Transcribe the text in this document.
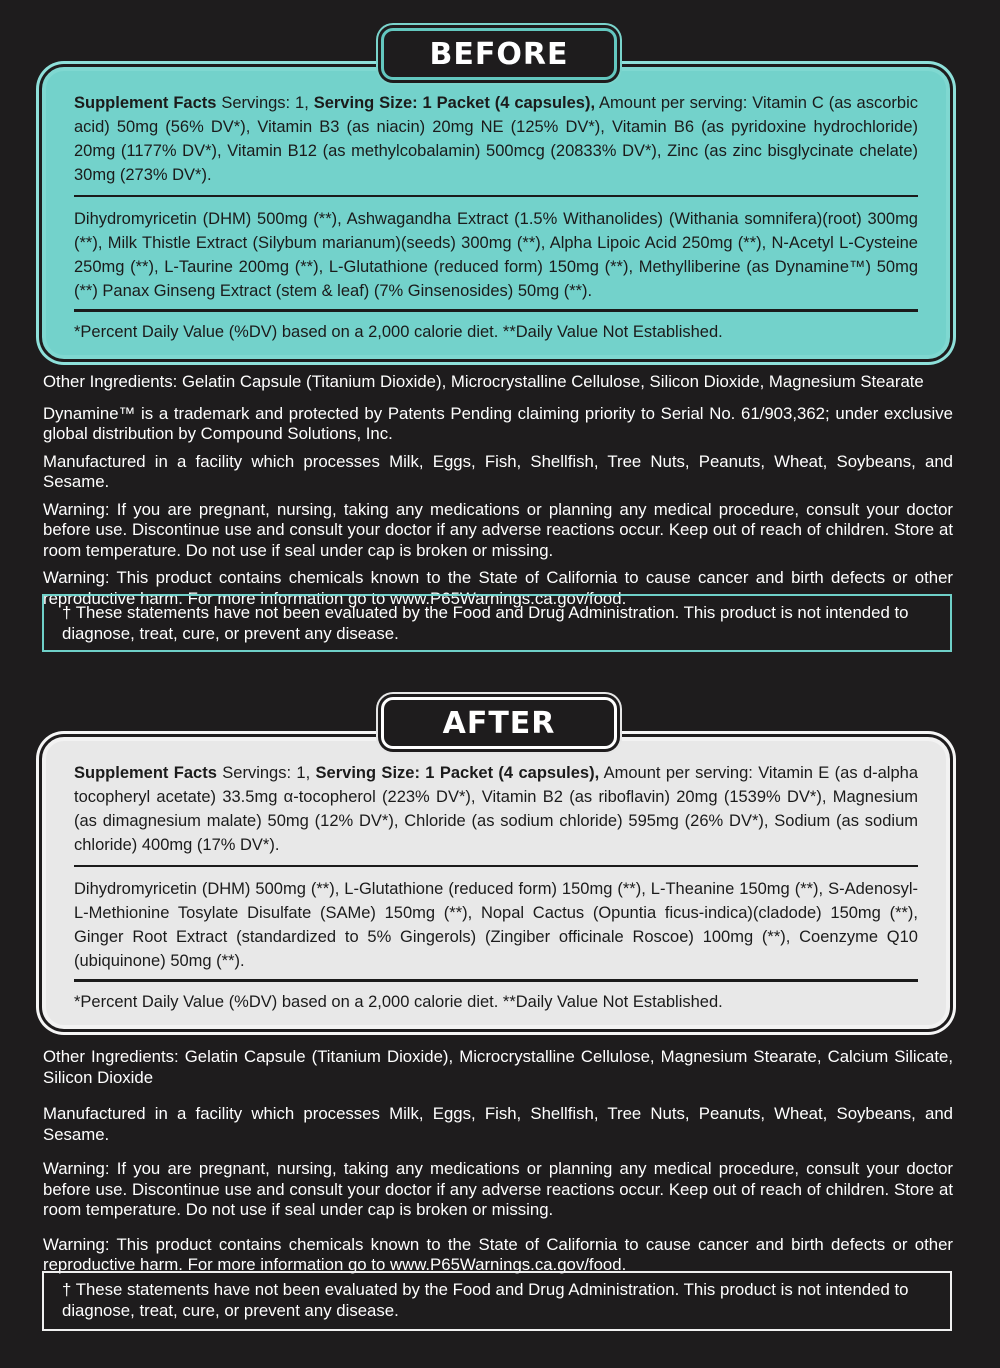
BEFORE
Supplement Facts Servings: 1, Serving Size: 1 Packet (4 capsules), Amount per serving: Vitamin C (as ascorbic acid) 50mg (56% DV*), Vitamin B3 (as niacin) 20mg NE (125% DV*), Vitamin B6 (as pyridoxine hydrochloride) 20mg (1177% DV*), Vitamin B12 (as methylcobalamin) 500mcg (20833% DV*), Zinc (as zinc bisglycinate chelate) 30mg (273% DV*).
Dihydromyricetin (DHM) 500mg (**), Ashwagandha Extract (1.5% Withanolides) (Withania somnifera)(root) 300mg (**), Milk Thistle Extract (Silybum marianum)(seeds) 300mg (**), Alpha Lipoic Acid 250mg (**), N-Acetyl L-Cysteine 250mg (**), L-Taurine 200mg (**), L-Glutathione (reduced form) 150mg (**), Methylliberine (as Dynamine™) 50mg (**) Panax Ginseng Extract (stem & leaf) (7% Ginsenosides) 50mg (**).
*Percent Daily Value (%DV) based on a 2,000 calorie diet. **Daily Value Not Established.

Other Ingredients: Gelatin Capsule (Titanium Dioxide), Microcrystalline Cellulose, Silicon Dioxide, Magnesium Stearate

Dynamine™ is a trademark and protected by Patents Pending claiming priority to Serial No. 61/903,362; under exclusive global distribution by Compound Solutions, Inc.

Manufactured in a facility which processes Milk, Eggs, Fish, Shellfish, Tree Nuts, Peanuts, Wheat, Soybeans, and Sesame.

Warning: If you are pregnant, nursing, taking any medications or planning any medical procedure, consult your doctor before use. Discontinue use and consult your doctor if any adverse reactions occur. Keep out of reach of children. Store at room temperature. Do not use if seal under cap is broken or missing.

Warning: This product contains chemicals known to the State of California to cause cancer and birth defects or other reproductive harm. For more information go to www.P65Warnings.ca.gov/food.

† These statements have not been evaluated by the Food and Drug Administration. This product is not intended to diagnose, treat, cure, or prevent any disease.
AFTER
Supplement Facts Servings: 1, Serving Size: 1 Packet (4 capsules), Amount per serving: Vitamin E (as d-alpha tocopheryl acetate) 33.5mg α-tocopherol (223% DV*), Vitamin B2 (as riboflavin) 20mg (1539% DV*), Magnesium (as dimagnesium malate) 50mg (12% DV*), Chloride (as sodium chloride) 595mg (26% DV*), Sodium (as sodium chloride) 400mg (17% DV*).
Dihydromyricetin (DHM) 500mg (**), L-Glutathione (reduced form) 150mg (**), L-Theanine 150mg (**), S-Adenosyl-L-Methionine Tosylate Disulfate (SAMe) 150mg (**), Nopal Cactus (Opuntia ficus-indica)(cladode) 150mg (**), Ginger Root Extract (standardized to 5% Gingerols) (Zingiber officinale Roscoe) 100mg (**), Coenzyme Q10 (ubiquinone) 50mg (**).
*Percent Daily Value (%DV) based on a 2,000 calorie diet. **Daily Value Not Established.

Other Ingredients: Gelatin Capsule (Titanium Dioxide), Microcrystalline Cellulose, Magnesium Stearate, Calcium Silicate, Silicon Dioxide

Manufactured in a facility which processes Milk, Eggs, Fish, Shellfish, Tree Nuts, Peanuts, Wheat, Soybeans, and Sesame.

Warning: If you are pregnant, nursing, taking any medications or planning any medical procedure, consult your doctor before use. Discontinue use and consult your doctor if any adverse reactions occur. Keep out of reach of children. Store at room temperature. Do not use if seal under cap is broken or missing.

Warning: This product contains chemicals known to the State of California to cause cancer and birth defects or other reproductive harm. For more information go to www.P65Warnings.ca.gov/food.

† These statements have not been evaluated by the Food and Drug Administration. This product is not intended to diagnose, treat, cure, or prevent any disease.
